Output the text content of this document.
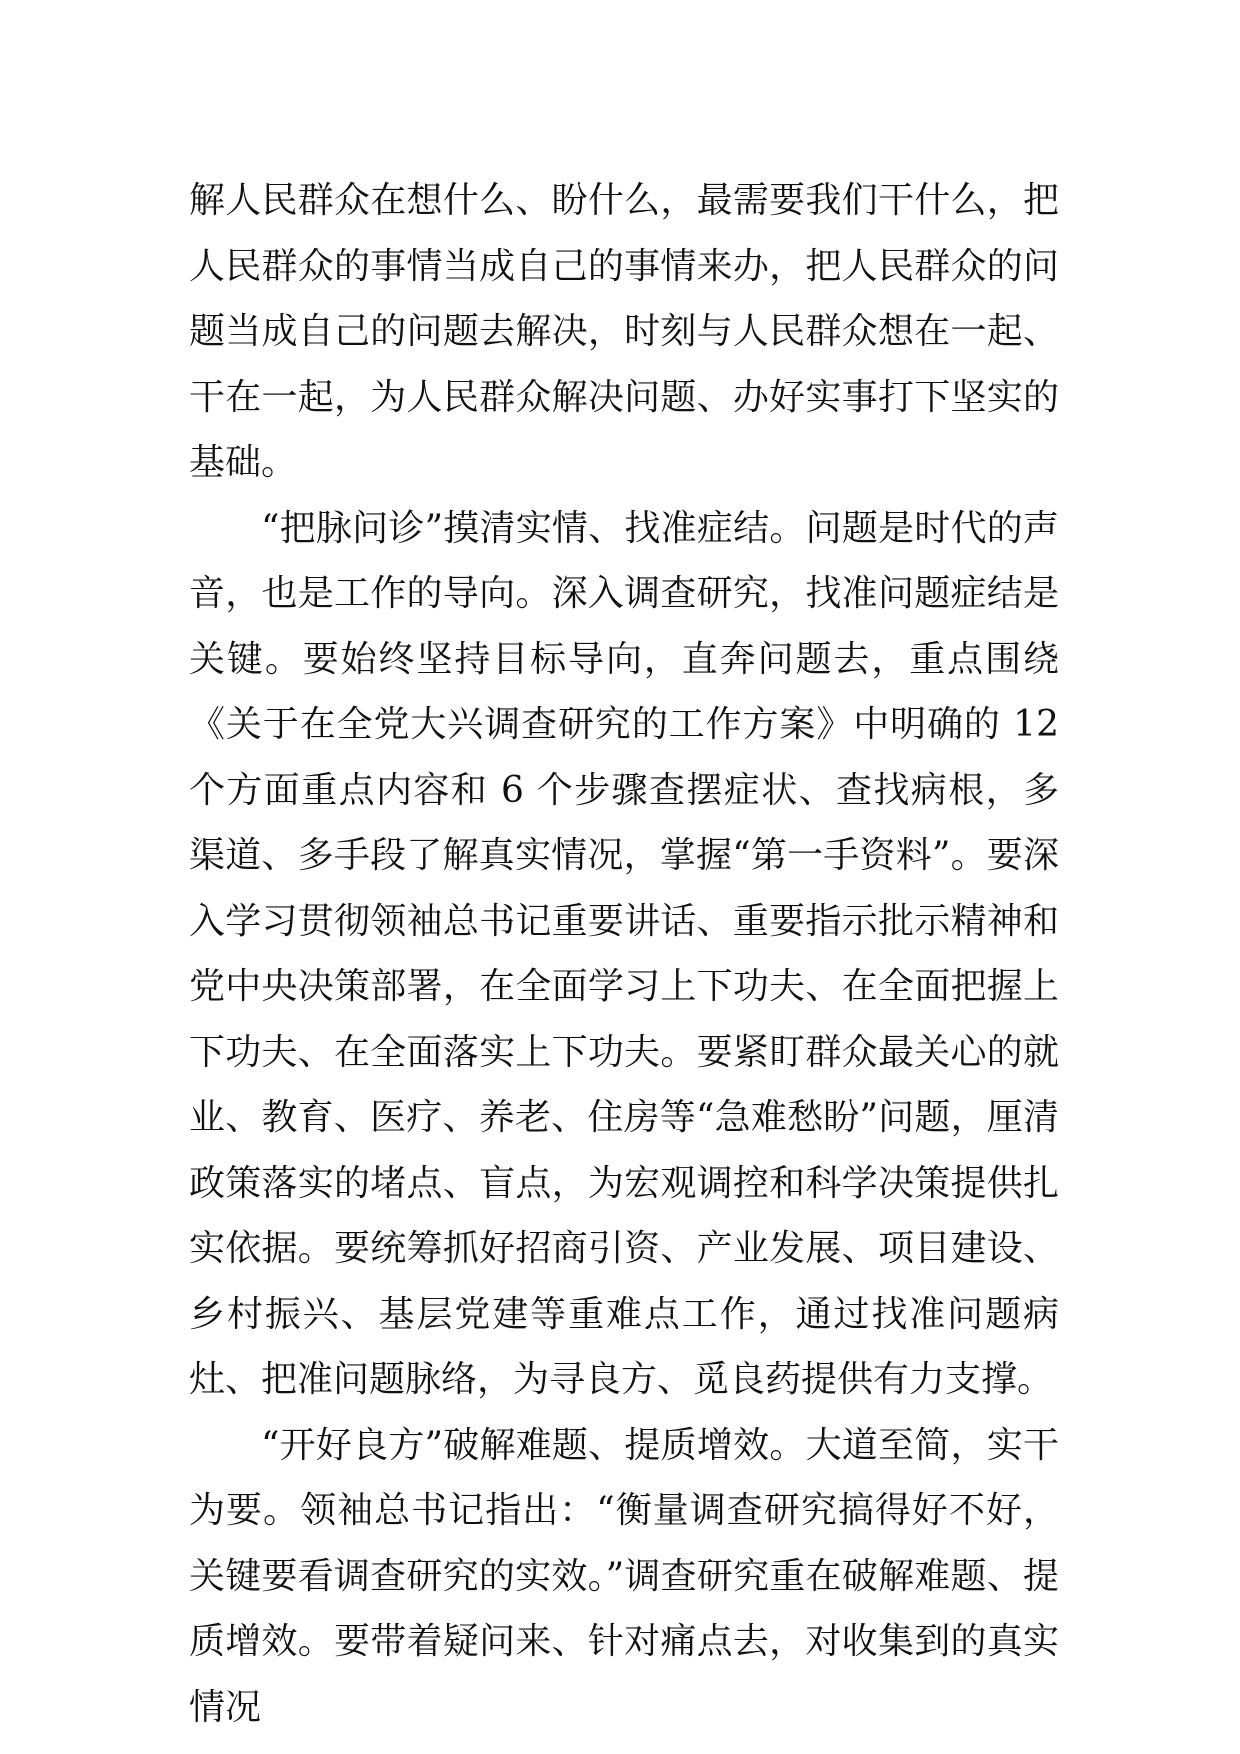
解人民群众在想什么、盼什么，最需要我们干什么，把人民群众的事情当成自己的事情来办，把人民群众的问题当成自己的问题去解决，时刻与人民群众想在一起、干在一起，为人民群众解决问题、办好实事打下坚实的基础。

“把脉问诊”摸清实情、找准症结。问题是时代的声音，也是工作的导向。深入调查研究，找准问题症结是关键。要始终坚持目标导向，直奔问题去，重点围绕《关于在全党大兴调查研究的工作方案》中明确的 12 个方面重点内容和 6 个步骤查摆症状、查找病根，多渠道、多手段了解真实情况，掌握“第一手资料”。要深入学习贯彻领袖总书记重要讲话、重要指示批示精神和党中央决策部署，在全面学习上下功夫、在全面把握上下功夫、在全面落实上下功夫。要紧盯群众最关心的就业、教育、医疗、养老、住房等“急难愁盼”问题，厘清政策落实的堵点、盲点，为宏观调控和科学决策提供扎实依据。要统筹抓好招商引资、产业发展、项目建设、乡村振兴、基层党建等重难点工作，通过找准问题病灶、把准问题脉络，为寻良方、觅良药提供有力支撑。

“开好良方”破解难题、提质增效。大道至简，实干为要。领袖总书记指出：“衡量调查研究搞得好不好，关键要看调查研究的实效。”调查研究重在破解难题、提质增效。要带着疑问来、针对痛点去，对收集到的真实情况
